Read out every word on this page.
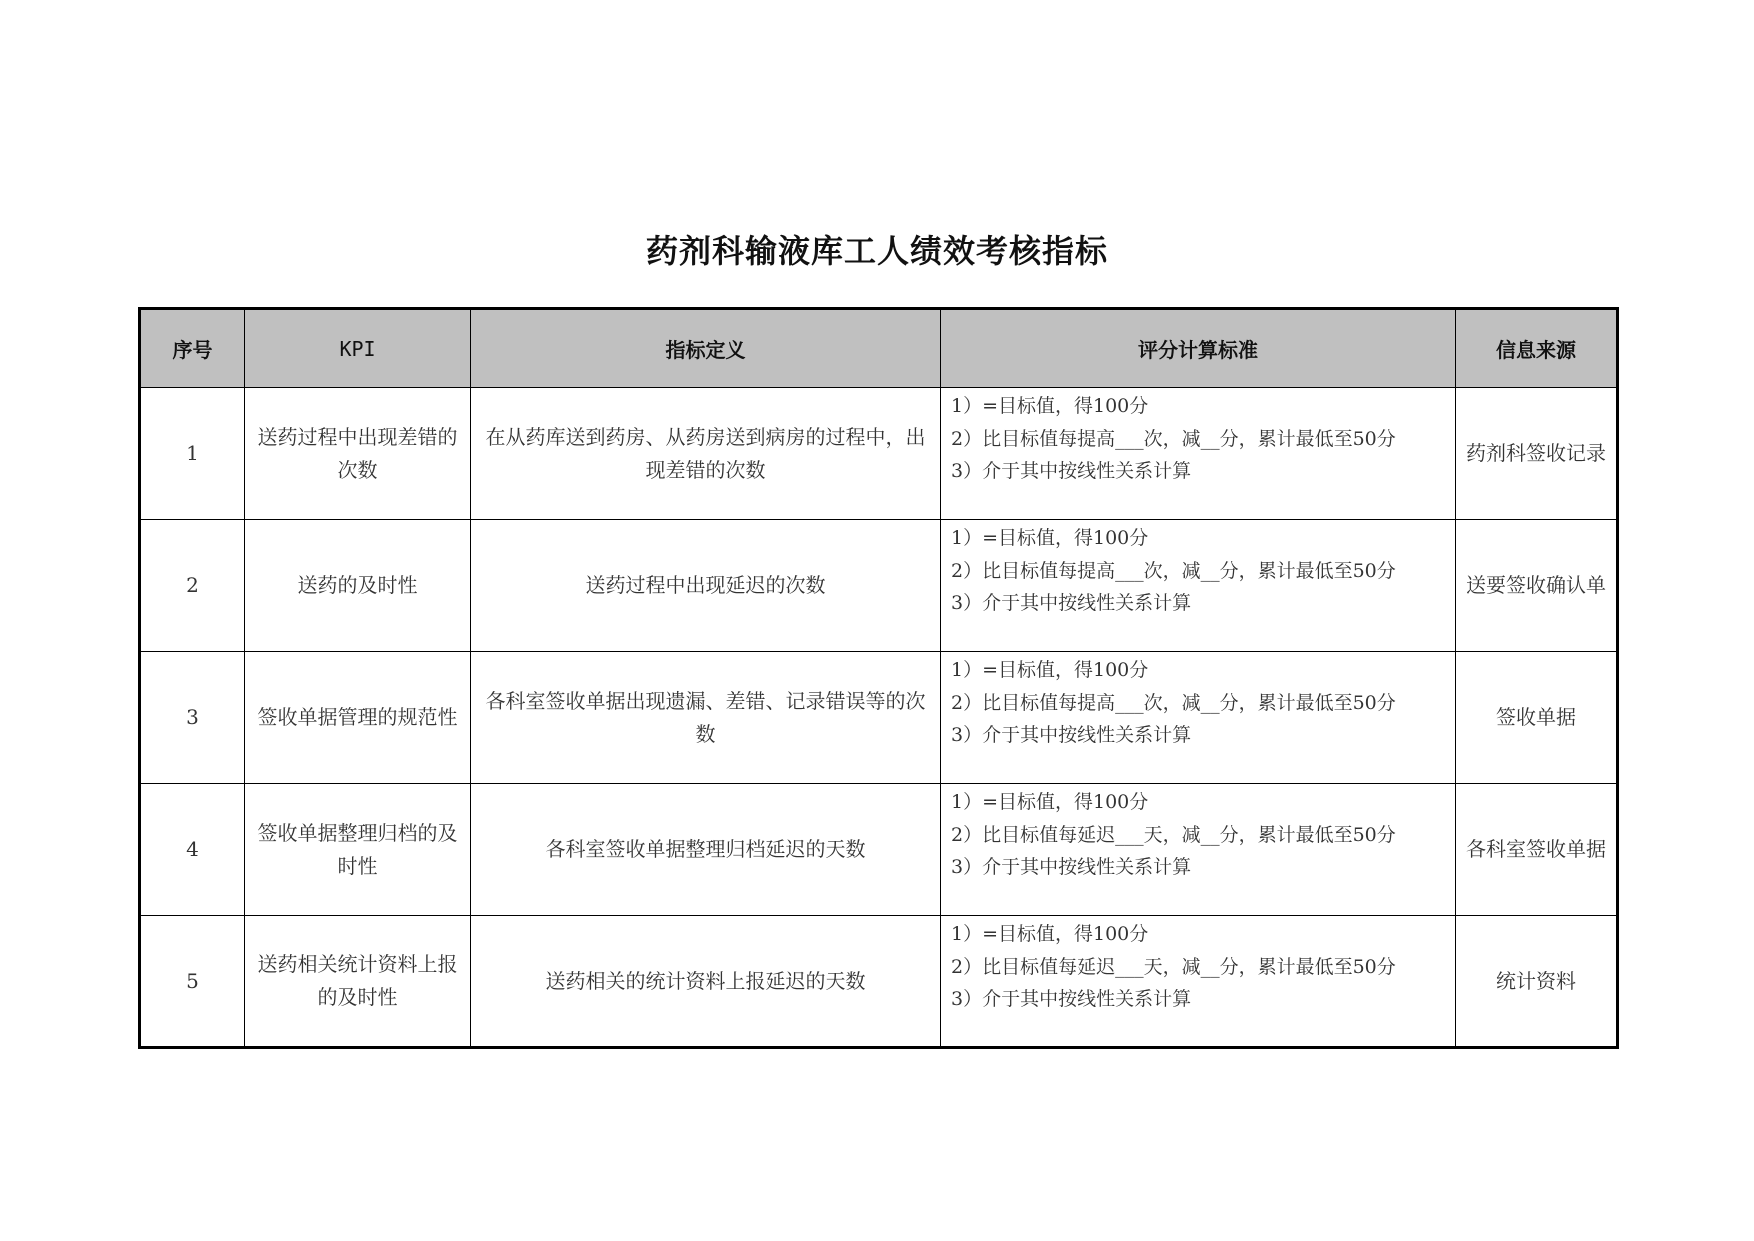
药剂科输液库工人绩效考核指标
序号	KPI	指标定义	评分计算标准	信息来源
1	送药过程中出现差错的次数	在从药库送到药房、从药房送到病房的过程中，出现差错的次数	1）=目标值，得100分
2）比目标值每提高___次，减__分，累计最低至50分
3）介于其中按线性关系计算	药剂科签收记录
2	送药的及时性	送药过程中出现延迟的次数	1）=目标值，得100分
2）比目标值每提高___次，减__分，累计最低至50分
3）介于其中按线性关系计算	送要签收确认单
3	签收单据管理的规范性	各科室签收单据出现遗漏、差错、记录错误等的次数	1）=目标值，得100分
2）比目标值每提高___次，减__分，累计最低至50分
3）介于其中按线性关系计算	签收单据
4	签收单据整理归档的及时性	各科室签收单据整理归档延迟的天数	1）=目标值，得100分
2）比目标值每延迟___天，减__分，累计最低至50分
3）介于其中按线性关系计算	各科室签收单据
5	送药相关统计资料上报的及时性	送药相关的统计资料上报延迟的天数	1）=目标值，得100分
2）比目标值每延迟___天，减__分，累计最低至50分
3）介于其中按线性关系计算	统计资料
